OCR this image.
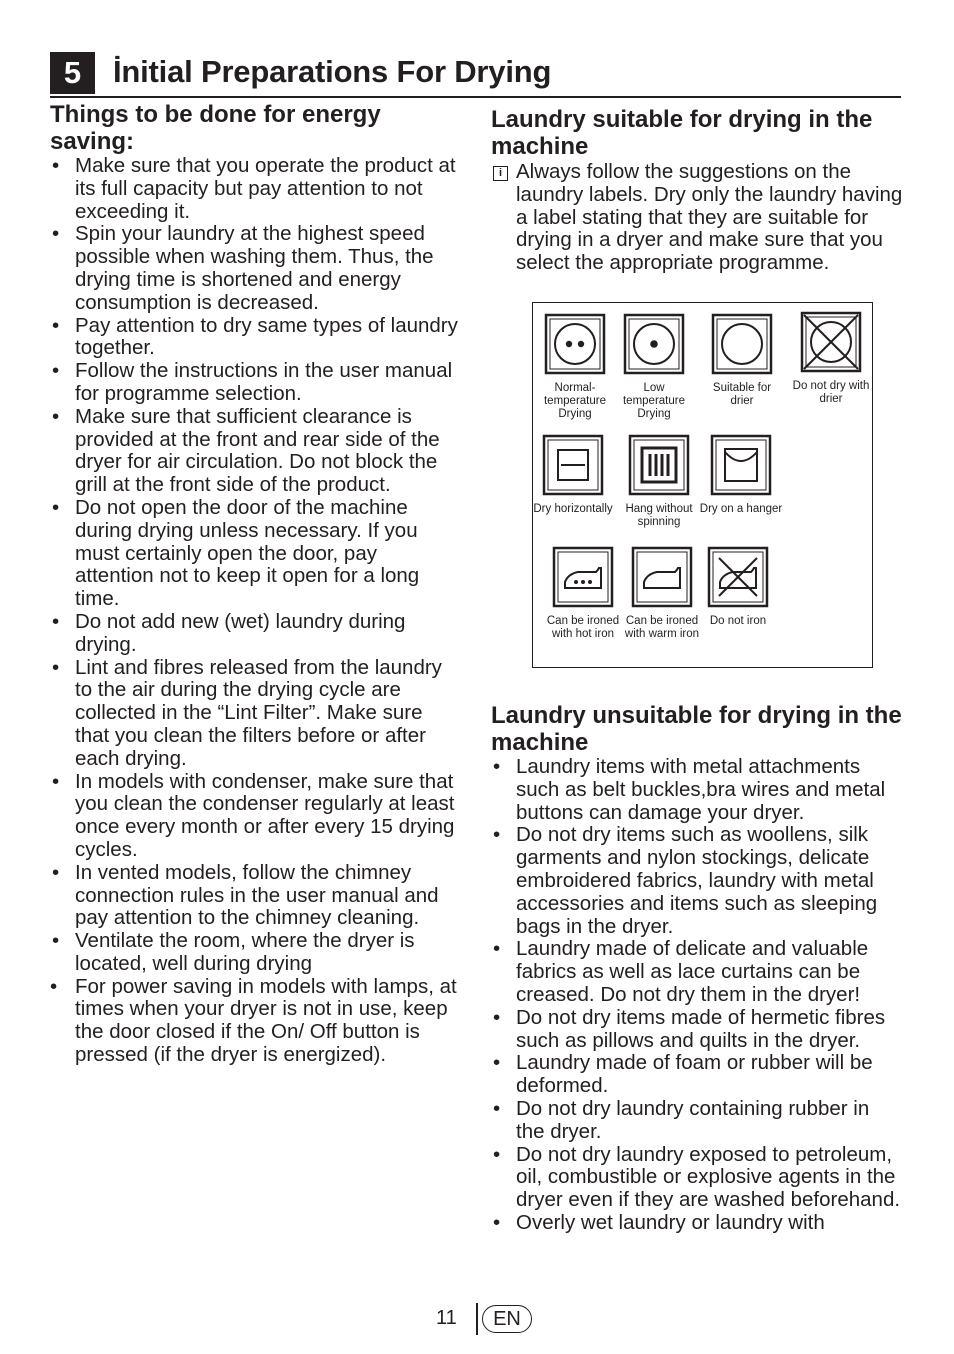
5	İnitial Preparations For Drying
Things to be done for energy saving:
• Make sure that you operate the product at its full capacity but pay attention to not exceeding it.
• Spin your laundry at the highest speed possible when washing them. Thus, the drying time is shortened and energy consumption is decreased.
• Pay attention to dry same types of laundry together.
• Follow the instructions in the user manual for programme selection.
• Make sure that sufficient clearance is provided at the front and rear side of the dryer for air circulation. Do not block the grill at the front side of the product.
• Do not open the door of the machine during drying unless necessary. If you must certainly open the door, pay attention not to keep it open for a long time.
• Do not add new (wet) laundry during drying.
• Lint and fibres released from the laundry to the air during the drying cycle are collected in the “Lint Filter”. Make sure that you clean the filters before or after each drying.
• In models with condenser, make sure that you clean the condenser regularly at least once every month or after every 15 drying cycles.
• In vented models, follow the chimney connection rules in the user manual and pay attention to the chimney cleaning.
• Ventilate the room, where the dryer is located, well during drying
• For power saving in models with lamps, at times when your dryer is not in use, keep the door closed if the On/ Off button is pressed (if the dryer is energized).
Laundry suitable for drying in the machine
i Always follow the suggestions on the laundry labels. Dry only the laundry having a label stating that they are suitable for drying in a dryer and make sure that you select the appropriate programme.
Normal-temperature Drying
Low temperature Drying
Suitable for drier
Do not dry with drier
Dry horizontally	Hang without spinning
Dry on a hanger
Can be ironed with hot iron
Can be ironed with warm iron
Do not iron
Laundry unsuitable for drying in the machine
• Laundry items with metal attachments such as belt buckles,bra wires and metal buttons can damage your dryer.
• Do not dry items such as woollens, silk garments and nylon stockings, delicate embroidered fabrics, laundry with metal accessories and items such as sleeping bags in the dryer.
• Laundry made of delicate and valuable fabrics as well as lace curtains can be creased. Do not dry them in the dryer!
• Do not dry items made of hermetic fibres such as pillows and quilts in the dryer.
• Laundry made of foam or rubber will be deformed.
• Do not dry laundry containing rubber in the dryer.
• Do not dry laundry exposed to petroleum, oil, combustible or explosive agents in the dryer even if they are washed beforehand.
• Overly wet laundry or laundry with
11	EN
